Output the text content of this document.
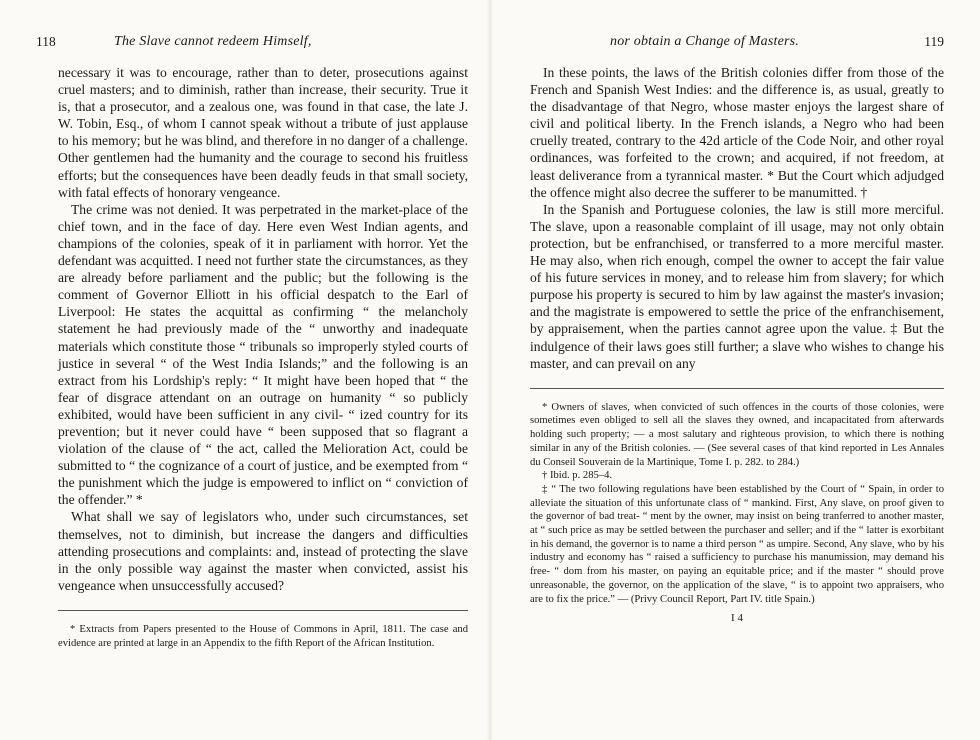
118	The Slave cannot redeem Himself,

necessary it was to encourage, rather than to deter, prosecutions against cruel masters; and to diminish, rather than increase, their security. True it is, that a prosecutor, and a zealous one, was found in that case, the late J. W. Tobin, Esq., of whom I cannot speak without a tribute of just applause to his memory; but he was blind, and therefore in no danger of a challenge. Other gentlemen had the humanity and the courage to second his fruitless efforts; but the consequences have been deadly feuds in that small society, with fatal effects of honorary vengeance.

The crime was not denied. It was perpetrated in the market-place of the chief town, and in the face of day. Here even West Indian agents, and champions of the colonies, speak of it in parliament with horror. Yet the defendant was acquitted. I need not further state the circumstances, as they are already before parliament and the public; but the following is the comment of Governor Elliott in his official despatch to the Earl of Liverpool: He states the acquittal as confirming “ the melancholy statement he had previously made of the “ unworthy and inadequate materials which constitute those “ tribunals so improperly styled courts of justice in several “ of the West India Islands;” and the following is an extract from his Lordship's reply: “ It might have been hoped that “ the fear of disgrace attendant on an outrage on humanity “ so publicly exhibited, would have been sufficient in any civil- “ ized country for its prevention; but it never could have “ been supposed that so flagrant a violation of the clause of “ the act, called the Melioration Act, could be submitted to “ the cognizance of a court of justice, and be exempted from “ the punishment which the judge is empowered to inflict on “ conviction of the offender.” *

What shall we say of legislators who, under such circumstances, set themselves, not to diminish, but increase the dangers and difficulties attending prosecutions and complaints: and, instead of protecting the slave in the only possible way against the master when convicted, assist his vengeance when unsuccessfully accused?

* Extracts from Papers presented to the House of Commons in April, 1811. The case and evidence are printed at large in an Appendix to the fifth Report of the African Institution.

nor obtain a Change of Masters.	119

In these points, the laws of the British colonies differ from those of the French and Spanish West Indies: and the difference is, as usual, greatly to the disadvantage of that Negro, whose master enjoys the largest share of civil and political liberty. In the French islands, a Negro who had been cruelly treated, contrary to the 42d article of the Code Noir, and other royal ordinances, was forfeited to the crown; and acquired, if not freedom, at least deliverance from a tyrannical master. * But the Court which adjudged the offence might also decree the sufferer to be manumitted. †

In the Spanish and Portuguese colonies, the law is still more merciful. The slave, upon a reasonable complaint of ill usage, may not only obtain protection, but be enfranchised, or transferred to a more merciful master. He may also, when rich enough, compel the owner to accept the fair value of his future services in money, and to release him from slavery; for which purpose his property is secured to him by law against the master's invasion; and the magistrate is empowered to settle the price of the enfranchisement, by appraisement, when the parties cannot agree upon the value. ‡ But the indulgence of their laws goes still further; a slave who wishes to change his master, and can prevail on any

* Owners of slaves, when convicted of such offences in the courts of those colonies, were sometimes even obliged to sell all the slaves they owned, and incapacitated from afterwards holding such property; — a most salutary and righteous provision, to which there is nothing similar in any of the British colonies. — (See several cases of that kind reported in Les Annales du Conseil Souverain de la Martinique, Tome I. p. 282. to 284.)

† Ibid. p. 285–4.

‡ “ The two following regulations have been established by the Court of “ Spain, in order to alleviate the situation of this unfortunate class of “ mankind. First, Any slave, on proof given to the governor of bad treat- “ ment by the owner, may insist on being tranferred to another master, at “ such price as may be settled between the purchaser and seller; and if the “ latter is exorbitant in his demand, the governor is to name a third person “ as umpire. Second, Any slave, who by his industry and economy has “ raised a sufficiency to purchase his manumission, may demand his free- “ dom from his master, on paying an equitable price; and if the master “ should prove unreasonable, the governor, on the application of the slave, “ is to appoint two appraisers, who are to fix the price.” — (Privy Council Report, Part IV. title Spain.)

I 4
